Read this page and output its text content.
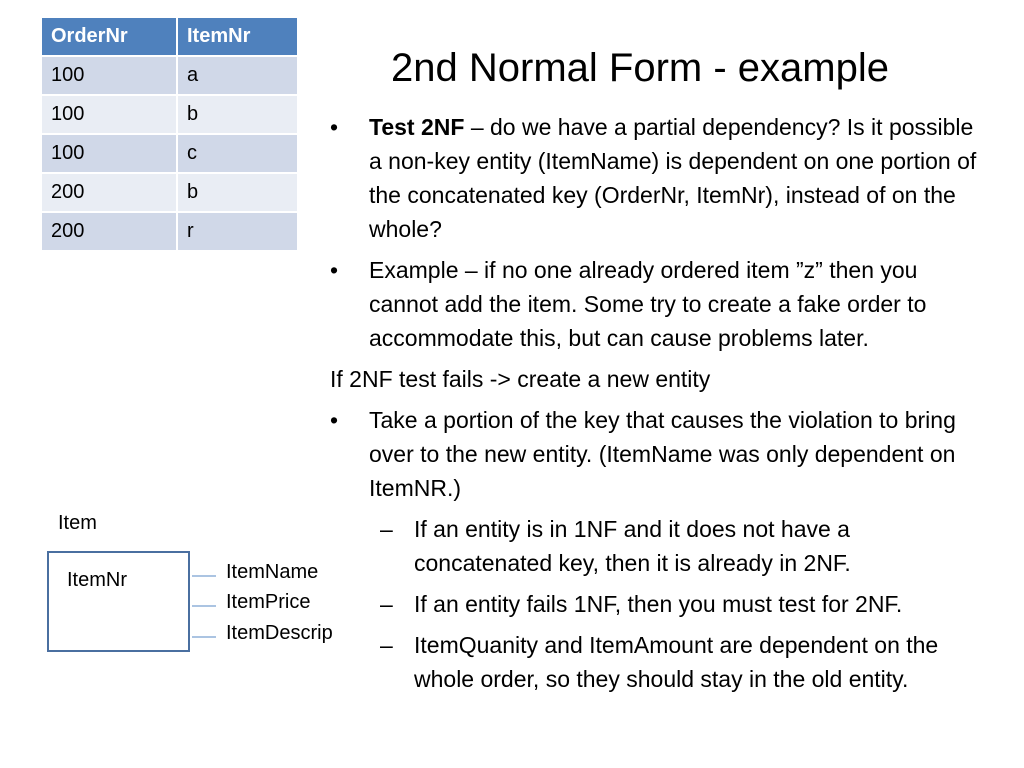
OrderNr	ItemNr
100	a
100	b
100	c
200	b
200	r
2nd Normal Form - example
• Test 2NF – do we have a partial dependency? Is it possible a non-key entity (ItemName) is dependent on one portion of the concatenated key (OrderNr, ItemNr), instead of on the whole?
• Example – if no one already ordered item ”z” then you cannot add the item. Some try to create a fake order to accommodate this, but can cause problems later.
If 2NF test fails -> create a new entity
• Take a portion of the key that causes the violation to bring over to the new entity. (ItemName was only dependent on ItemNR.)
– If an entity is in 1NF and it does not have a concatenated key, then it is already in 2NF.
– If an entity fails 1NF, then you must test for 2NF.
– ItemQuanity and ItemAmount are dependent on the whole order, so they should stay in the old entity.
Item
ItemNr	ItemName
ItemPrice
ItemDescrip
